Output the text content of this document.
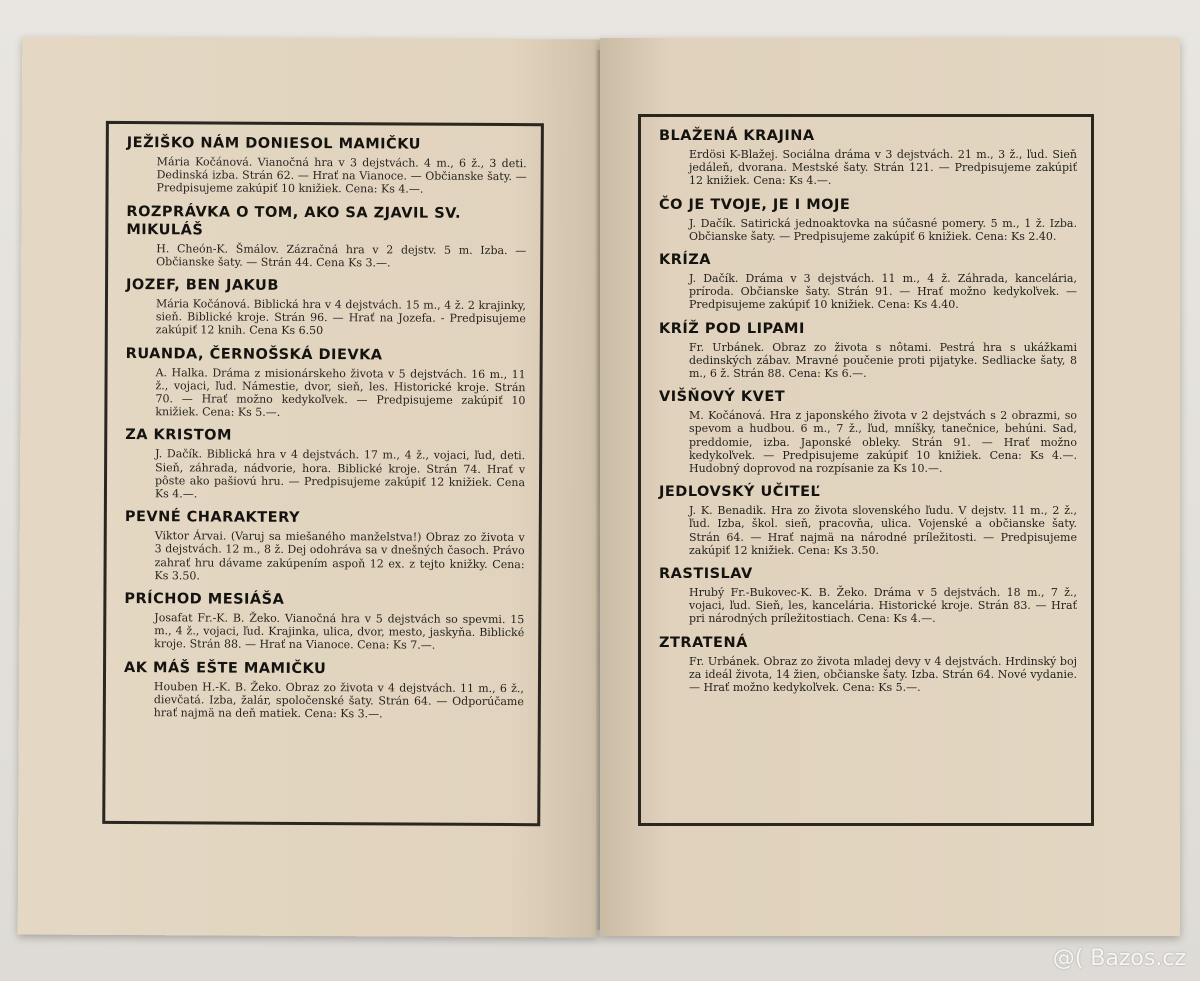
JEŽIŠKO NÁM DONIESOL MAMIČKU
Mária Kočánová. Vianočná hra v 3 dejstvách. 4 m., 6 ž., 3 deti. Dedinská izba. Strán 62. — Hrať na Vianoce. — Občianske šaty. — Predpisujeme zakúpiť 10 knižiek. Cena: Ks 4.—.
ROZPRÁVKA O TOM, AKO SA ZJAVIL SV. MIKULÁŠ
H. Cheón-K. Šmálov. Zázračná hra v 2 dejstv. 5 m. Izba. — Občianske šaty. — Strán 44. Cena Ks 3.—.
JOZEF, BEN JAKUB
Mária Kočánová. Biblická hra v 4 dejstvách. 15 m., 4 ž. 2 krajinky, sieň. Biblické kroje. Strán 96. — Hrať na Jozefa. - Predpisujeme zakúpiť 12 knih. Cena Ks 6.50
RUANDA, ČERNOŠSKÁ DIEVKA
A. Halka. Dráma z misionárskeho života v 5 dejstvách. 16 m., 11 ž., vojaci, ľud. Námestie, dvor, sieň, les. Historické kroje. Strán 70. — Hrať možno kedykoľvek. — Predpisujeme zakúpiť 10 knižiek. Cena: Ks 5.—.
ZA KRISTOM
J. Dačík. Biblická hra v 4 dejstvách. 17 m., 4 ž., vojaci, ľud, deti. Sieň, záhrada, nádvorie, hora. Biblické kroje. Strán 74. Hrať v pôste ako pašiovú hru. — Predpisujeme zakúpiť 12 knižiek. Cena Ks 4.—.
PEVNÉ CHARAKTERY
Viktor Árvai. (Varuj sa miešaného manželstva!) Obraz zo života v 3 dejstvách. 12 m., 8 ž. Dej odohráva sa v dnešných časoch. Právo zahrať hru dávame zakúpením aspoň 12 ex. z tejto knižky. Cena: Ks 3.50.
PRÍCHOD MESIÁŠA
Josafat Fr.-K. B. Žeko. Vianočná hra v 5 dejstvách so spevmi. 15 m., 4 ž., vojaci, ľud. Krajinka, ulica, dvor, mesto, jaskyňa. Biblické kroje. Strán 88. — Hrať na Vianoce. Cena: Ks 7.—.
AK MÁŠ EŠTE MAMIČKU
Houben H.-K. B. Žeko. Obraz zo života v 4 dejstvách. 11 m., 6 ž., dievčatá. Izba, žalár, spoločenské šaty. Strán 64. — Odporúčame hrať najmä na deň matiek. Cena: Ks 3.—.
BLAŽENÁ KRAJINA
Erdösi K-Blažej. Sociálna dráma v 3 dejstvách. 21 m., 3 ž., ľud. Sieň jedáleň, dvorana. Mestské šaty. Strán 121. — Predpisujeme zakúpiť 12 knižiek. Cena: Ks 4.—.
ČO JE TVOJE, JE I MOJE
J. Dačík. Satirická jednoaktovka na súčasné pomery. 5 m., 1 ž. Izba. Občianske šaty. — Predpisujeme zakúpiť 6 knižiek. Cena: Ks 2.40.
KRÍZA
J. Dačík. Dráma v 3 dejstvách. 11 m., 4 ž. Záhrada, kancelária, príroda. Občianske šaty. Strán 91. — Hrať možno kedykoľvek. — Predpisujeme zakúpiť 10 knižiek. Cena: Ks 4.40.
KRÍŽ POD LIPAMI
Fr. Urbánek. Obraz zo života s nôtami. Pestrá hra s ukážkami dedinských zábav. Mravné poučenie proti pijatyke. Sedliacke šaty, 8 m., 6 ž. Strán 88. Cena: Ks 6.—.
VIŠŇOVÝ KVET
M. Kočánová. Hra z japonského života v 2 dejstvách s 2 obrazmi, so spevom a hudbou. 6 m., 7 ž., ľud, mníšky, tanečnice, behúni. Sad, preddomie, izba. Japonské obleky. Strán 91. — Hrať možno kedykoľvek. — Predpisujeme zakúpiť 10 knižiek. Cena: Ks 4.—. Hudobný doprovod na rozpísanie za Ks 10.—.
JEDLOVSKÝ UČITEĽ
J. K. Benadik. Hra zo života slovenského ľudu. V dejstv. 11 m., 2 ž., ľud. Izba, škol. sieň, pracovňa, ulica. Vojenské a občianske šaty. Strán 64. — Hrať najmä na národné príležitosti. — Predpisujeme zakúpiť 12 knižiek. Cena: Ks 3.50.
RASTISLAV
Hrubý Fr.-Bukovec-K. B. Žeko. Dráma v 5 dejstvách. 18 m., 7 ž., vojaci, ľud. Sieň, les, kancelária. Historické kroje. Strán 83. — Hrať pri národných príležitostiach. Cena: Ks 4.—.
ZTRATENÁ
Fr. Urbánek. Obraz zo života mladej devy v 4 dejstvách. Hrdinský boj za ideál života, 14 žien, občianske šaty. Izba. Strán 64. Nové vydanie. — Hrať možno kedykoľvek. Cena: Ks 5.—.
@( Bazos.cz
